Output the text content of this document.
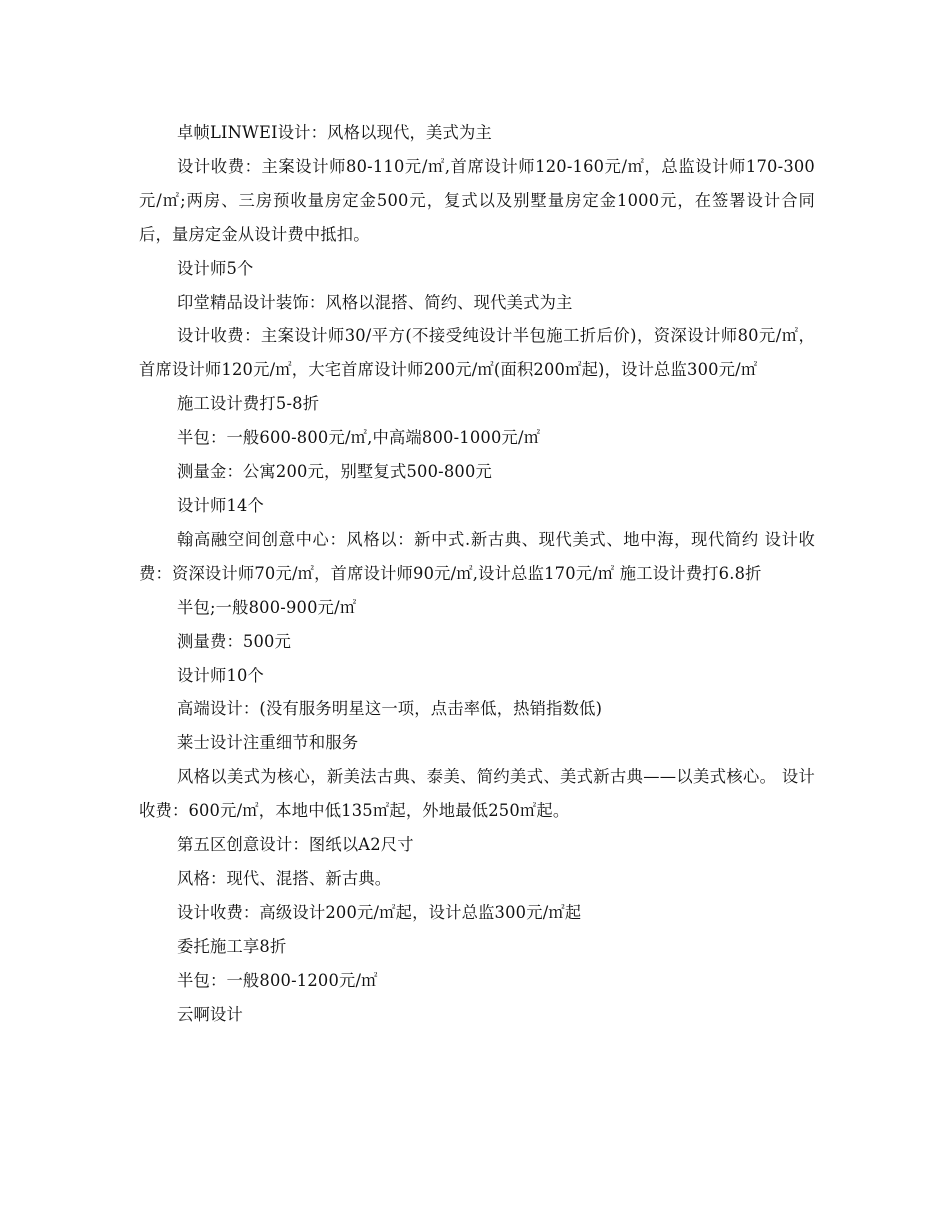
卓帧LINWEI设计：风格以现代，美式为主

设计收费：主案设计师80-110元/㎡,首席设计师120-160元/㎡，总监设计师170-300元/㎡;两房、三房预收量房定金500元，复式以及别墅量房定金1000元，在签署设计合同后，量房定金从设计费中抵扣。

设计师5个

印堂精品设计装饰：风格以混搭、简约、现代美式为主

设计收费：主案设计师30/平方(不接受纯设计半包施工折后价)，资深设计师80元/㎡，首席设计师120元/㎡，大宅首席设计师200元/㎡(面积200㎡起)，设计总监300元/㎡

施工设计费打5-8折

半包：一般600-800元/㎡,中高端800-1000元/㎡

测量金：公寓200元，别墅复式500-800元

设计师14个

翰高融空间创意中心：风格以：新中式.新古典、现代美式、地中海，现代简约 设计收费：资深设计师70元/㎡，首席设计师90元/㎡,设计总监170元/㎡ 施工设计费打6.8折

半包;一般800-900元/㎡

测量费：500元

设计师10个

高端设计：(没有服务明星这一项，点击率低，热销指数低)

莱士设计注重细节和服务

风格以美式为核心，新美法古典、泰美、简约美式、美式新古典——以美式核心。 设计收费：600元/㎡，本地中低135㎡起，外地最低250㎡起。

第五区创意设计：图纸以A2尺寸

风格：现代、混搭、新古典。

设计收费：高级设计200元/㎡起，设计总监300元/㎡起

委托施工享8折

半包：一般800-1200元/㎡

云啊设计
